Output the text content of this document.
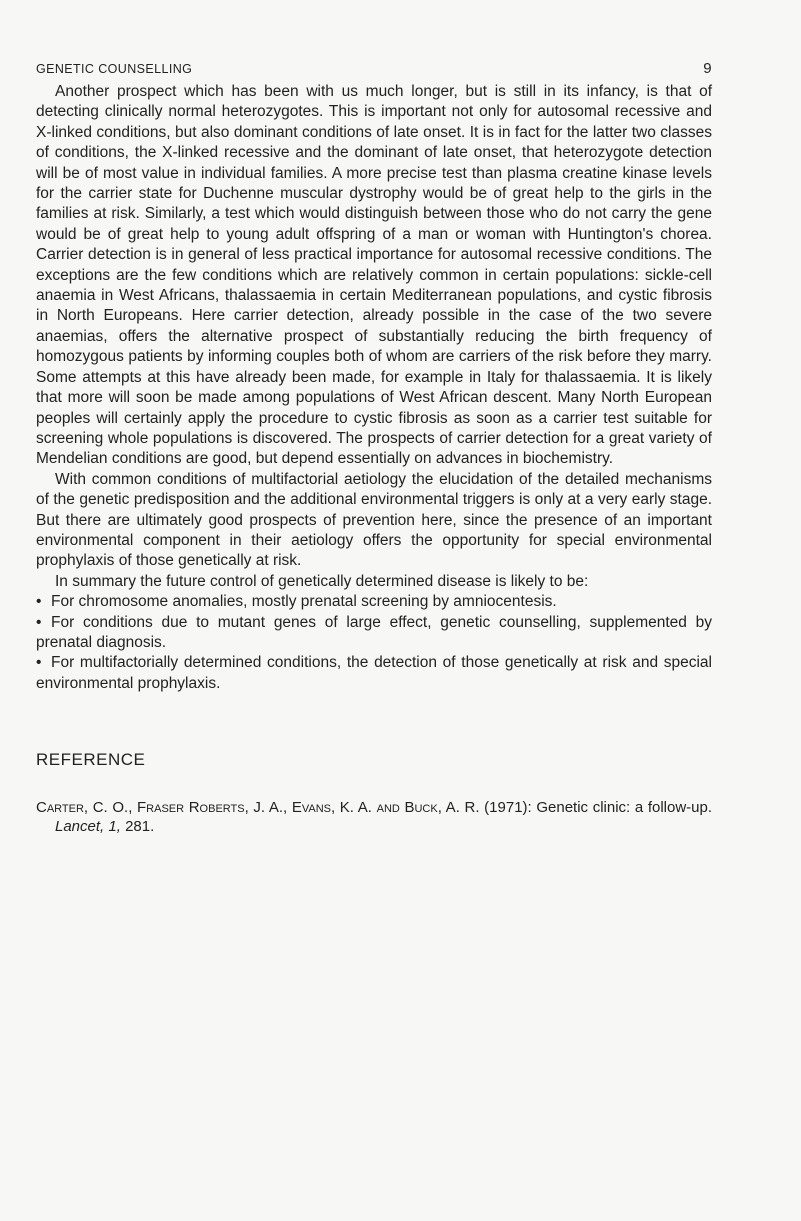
GENETIC COUNSELLING	9

Another prospect which has been with us much longer, but is still in its infancy, is that of detecting clinically normal heterozygotes. This is important not only for autosomal recessive and X-linked conditions, but also dominant conditions of late onset. It is in fact for the latter two classes of conditions, the X-linked recessive and the dominant of late onset, that heterozygote detection will be of most value in individual families. A more precise test than plasma creatine kinase levels for the carrier state for Duchenne muscular dystrophy would be of great help to the girls in the families at risk. Similarly, a test which would distinguish between those who do not carry the gene would be of great help to young adult offspring of a man or woman with Huntington's chorea. Carrier detection is in general of less practical importance for autosomal recessive conditions. The exceptions are the few conditions which are relatively common in certain populations: sickle-cell anaemia in West Africans, thalassaemia in certain Mediterranean populations, and cystic fibrosis in North Europeans. Here carrier detection, already possible in the case of the two severe anaemias, offers the alternative prospect of substantially reducing the birth frequency of homozygous patients by informing couples both of whom are carriers of the risk before they marry. Some attempts at this have already been made, for example in Italy for thalassaemia. It is likely that more will soon be made among populations of West African descent. Many North European peoples will certainly apply the procedure to cystic fibrosis as soon as a carrier test suitable for screening whole populations is discovered. The prospects of carrier detection for a great variety of Mendelian conditions are good, but depend essentially on advances in biochemistry.

With common conditions of multifactorial aetiology the elucidation of the detailed mechanisms of the genetic predisposition and the additional environmental triggers is only at a very early stage. But there are ultimately good prospects of prevention here, since the presence of an important environmental component in their aetiology offers the opportunity for special environmental prophylaxis of those genetically at risk.

In summary the future control of genetically determined disease is likely to be:

• For chromosome anomalies, mostly prenatal screening by amniocentesis.

• For conditions due to mutant genes of large effect, genetic counselling, supplemented by prenatal diagnosis.

• For multifactorially determined conditions, the detection of those genetically at risk and special environmental prophylaxis.

REFERENCE
Carter, C. O., Fraser Roberts, J. A., Evans, K. A. and Buck, A. R. (1971): Genetic clinic: a follow-up. Lancet, 1, 281.
